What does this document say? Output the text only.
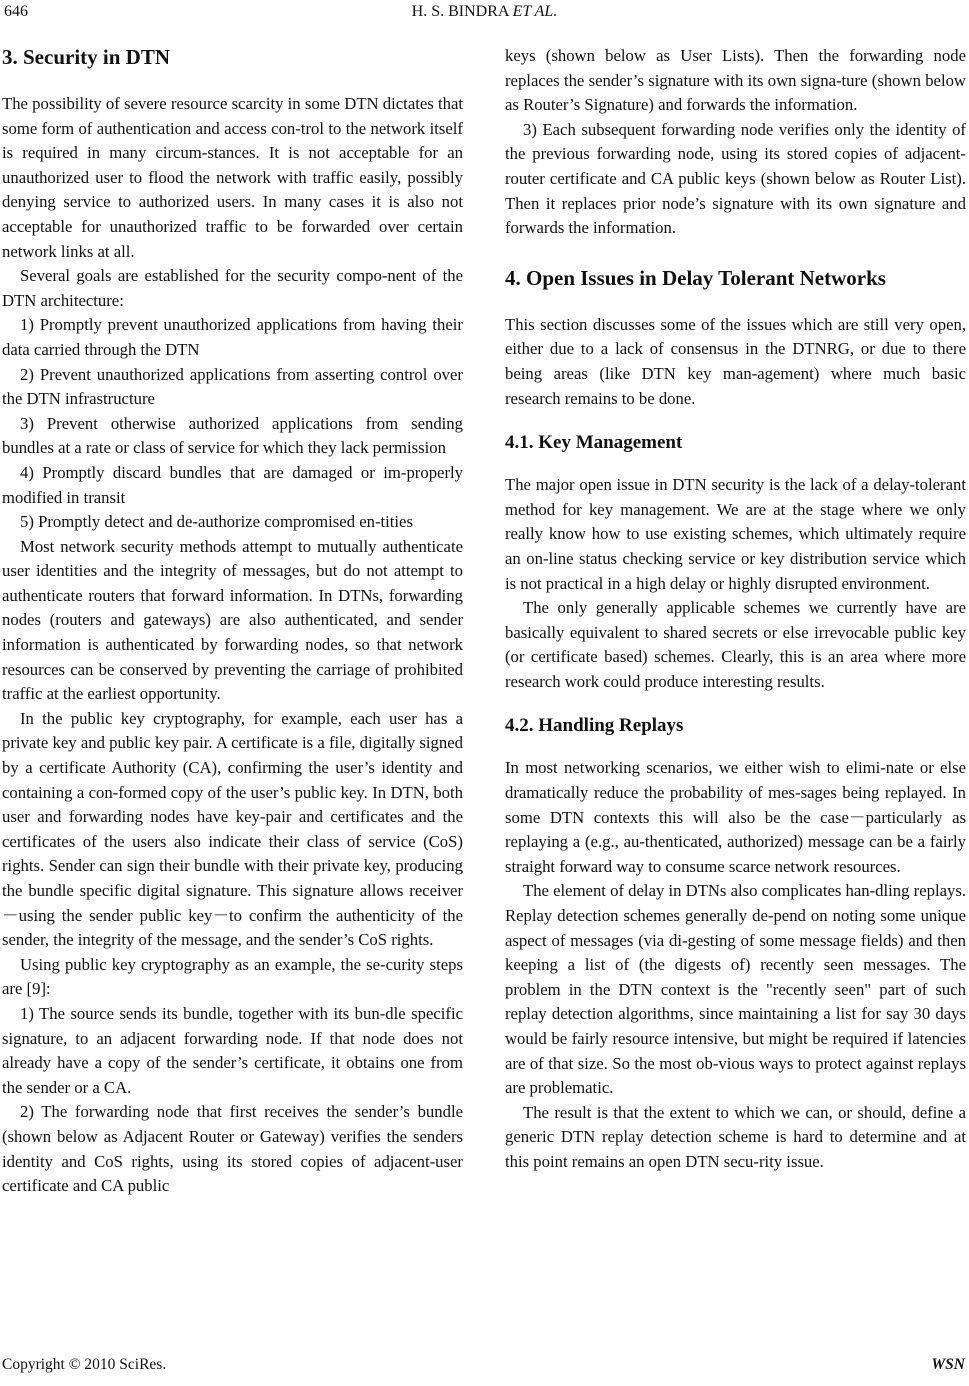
646	H. S. BINDRA ET AL.
3. Security in DTN

The possibility of severe resource scarcity in some DTN dictates that some form of authentication and access con-trol to the network itself is required in many circum-stances. It is not acceptable for an unauthorized user to flood the network with traffic easily, possibly denying service to authorized users. In many cases it is also not acceptable for unauthorized traffic to be forwarded over certain network links at all.

Several goals are established for the security compo-nent of the DTN architecture:

1) Promptly prevent unauthorized applications from having their data carried through the DTN

2) Prevent unauthorized applications from asserting control over the DTN infrastructure

3) Prevent otherwise authorized applications from sending bundles at a rate or class of service for which they lack permission

4) Promptly discard bundles that are damaged or im-properly modified in transit

5) Promptly detect and de-authorize compromised en-tities

Most network security methods attempt to mutually authenticate user identities and the integrity of messages, but do not attempt to authenticate routers that forward information. In DTNs, forwarding nodes (routers and gateways) are also authenticated, and sender information is authenticated by forwarding nodes, so that network resources can be conserved by preventing the carriage of prohibited traffic at the earliest opportunity.

In the public key cryptography, for example, each user has a private key and public key pair. A certificate is a file, digitally signed by a certificate Authority (CA), confirming the user’s identity and containing a con-formed copy of the user’s public key. In DTN, both user and forwarding nodes have key-pair and certificates and the certificates of the users also indicate their class of service (CoS) rights. Sender can sign their bundle with their private key, producing the bundle specific digital signature. This signature allows receiver－using the sender public key－to confirm the authenticity of the sender, the integrity of the message, and the sender’s CoS rights.

Using public key cryptography as an example, the se-curity steps are [9]:

1) The source sends its bundle, together with its bun-dle specific signature, to an adjacent forwarding node. If that node does not already have a copy of the sender’s certificate, it obtains one from the sender or a CA.

2) The forwarding node that first receives the sender’s bundle (shown below as Adjacent Router or Gateway) verifies the senders identity and CoS rights, using its stored copies of adjacent-user certificate and CA public

keys (shown below as User Lists). Then the forwarding node replaces the sender’s signature with its own signa-ture (shown below as Router’s Signature) and forwards the information.

3) Each subsequent forwarding node verifies only the identity of the previous forwarding node, using its stored copies of adjacent-router certificate and CA public keys (shown below as Router List). Then it replaces prior node’s signature with its own signature and forwards the information.

4. Open Issues in Delay Tolerant Networks

This section discusses some of the issues which are still very open, either due to a lack of consensus in the DTNRG, or due to there being areas (like DTN key man-agement) where much basic research remains to be done.

4.1. Key Management

The major open issue in DTN security is the lack of a delay-tolerant method for key management. We are at the stage where we only really know how to use existing schemes, which ultimately require an on-line status checking service or key distribution service which is not practical in a high delay or highly disrupted environment.

The only generally applicable schemes we currently have are basically equivalent to shared secrets or else irrevocable public key (or certificate based) schemes. Clearly, this is an area where more research work could produce interesting results.

4.2. Handling Replays

In most networking scenarios, we either wish to elimi-nate or else dramatically reduce the probability of mes-sages being replayed. In some DTN contexts this will also be the case－particularly as replaying a (e.g., au-thenticated, authorized) message can be a fairly straight forward way to consume scarce network resources.

The element of delay in DTNs also complicates han-dling replays. Replay detection schemes generally de-pend on noting some unique aspect of messages (via di-gesting of some message fields) and then keeping a list of (the digests of) recently seen messages. The problem in the DTN context is the "recently seen" part of such replay detection algorithms, since maintaining a list for say 30 days would be fairly resource intensive, but might be required if latencies are of that size. So the most ob-vious ways to protect against replays are problematic.

The result is that the extent to which we can, or should, define a generic DTN replay detection scheme is hard to determine and at this point remains an open DTN secu-rity issue.

Copyright © 2010 SciRes.	WSN
